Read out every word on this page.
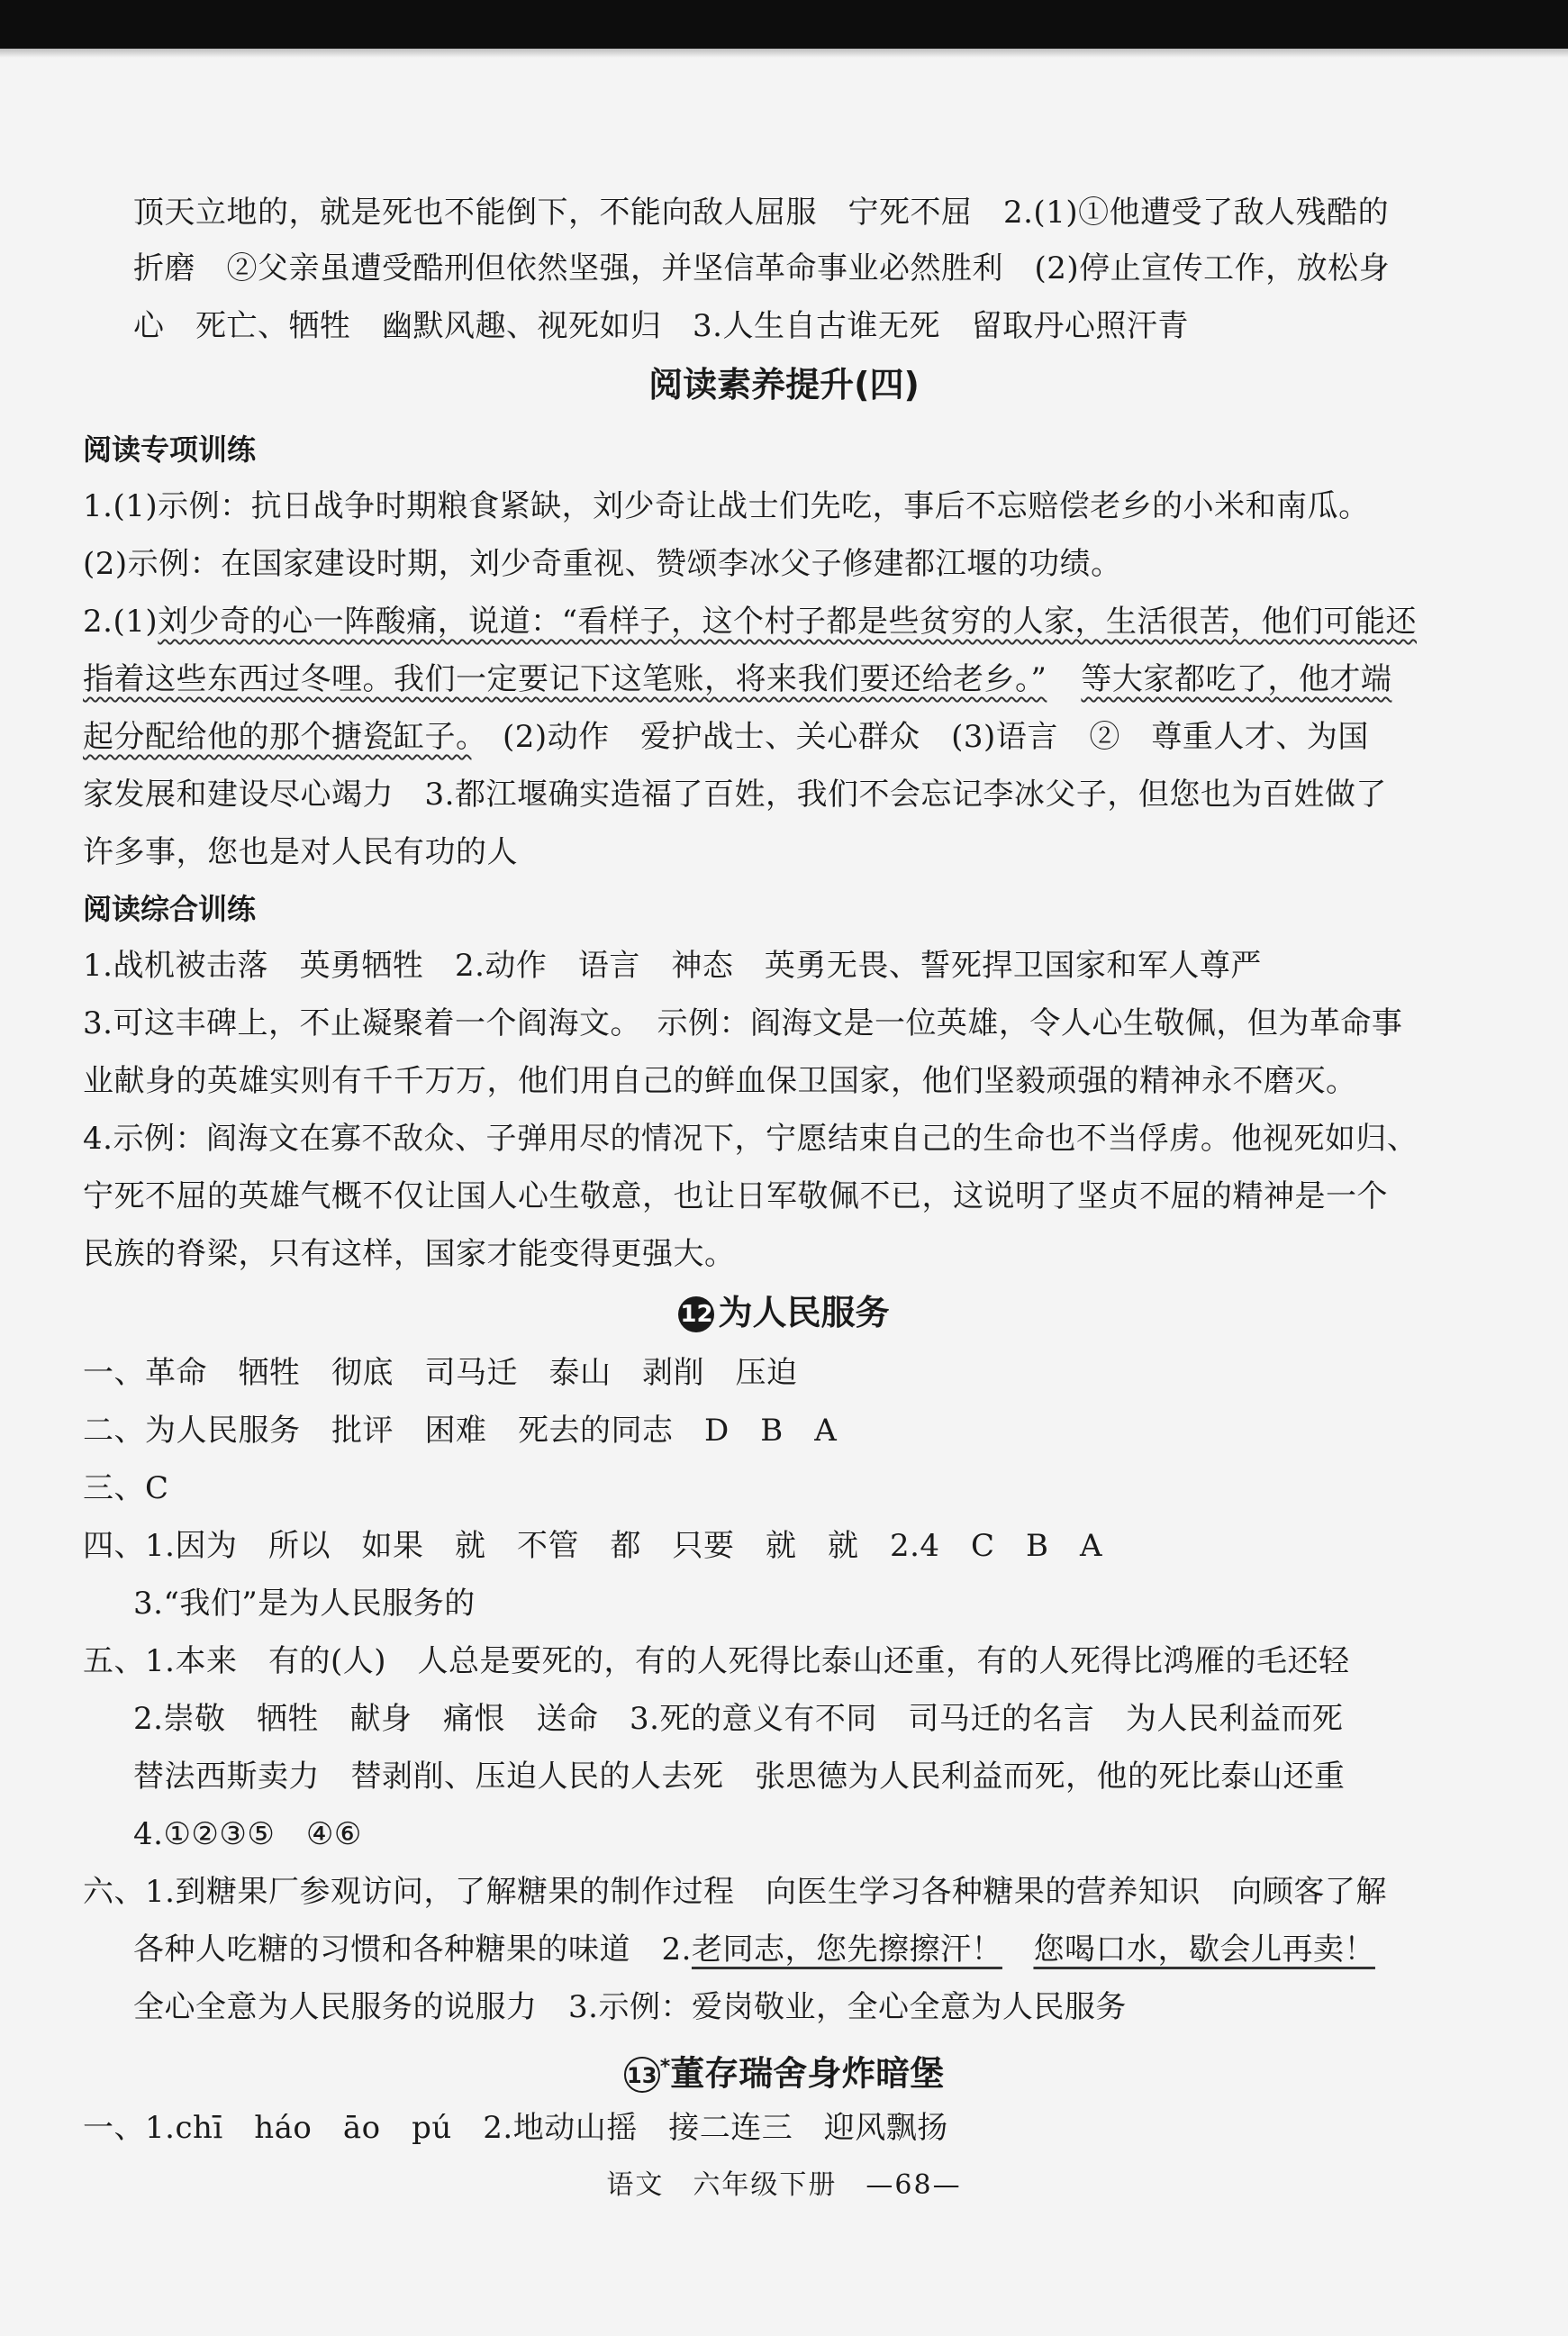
顶天立地的，就是死也不能倒下，不能向敌人屈服　宁死不屈　2.(1)①他遭受了敌人残酷的
折磨　②父亲虽遭受酷刑但依然坚强，并坚信革命事业必然胜利　(2)停止宣传工作，放松身
心　死亡、牺牲　幽默风趣、视死如归　3.人生自古谁无死　留取丹心照汗青
阅读素养提升(四)
阅读专项训练
1.(1)示例：抗日战争时期粮食紧缺，刘少奇让战士们先吃，事后不忘赔偿老乡的小米和南瓜。
(2)示例：在国家建设时期，刘少奇重视、赞颂李冰父子修建都江堰的功绩。
2.(1)刘少奇的心一阵酸痛，说道：“看样子，这个村子都是些贫穷的人家，生活很苦，他们可能还
指着这些东西过冬哩。我们一定要记下这笔账，将来我们要还给老乡。” 等大家都吃了，他才端
起分配给他的那个搪瓷缸子。　(2)动作　爱护战士、关心群众　(3)语言　②　尊重人才、为国
家发展和建设尽心竭力　3.都江堰确实造福了百姓，我们不会忘记李冰父子，但您也为百姓做了
许多事，您也是对人民有功的人
阅读综合训练
1.战机被击落　英勇牺牲　2.动作　语言　神态　英勇无畏、誓死捍卫国家和军人尊严
3.可这丰碑上，不止凝聚着一个阎海文。　示例：阎海文是一位英雄，令人心生敬佩，但为革命事
业献身的英雄实则有千千万万，他们用自己的鲜血保卫国家，他们坚毅顽强的精神永不磨灭。
4.示例：阎海文在寡不敌众、子弹用尽的情况下，宁愿结束自己的生命也不当俘虏。他视死如归、
宁死不屈的英雄气概不仅让国人心生敬意，也让日军敬佩不已，这说明了坚贞不屈的精神是一个
民族的脊梁，只有这样，国家才能变得更强大。
12 为人民服务
一、革命　牺牲　彻底　司马迁　泰山　剥削　压迫
二、为人民服务　批评　困难　死去的同志　D　B　A
三、C
四、1.因为　所以　如果　就　不管　都　只要　就　就　2.4　C　B　A
3.“我们”是为人民服务的
五、1.本来　有的(人)　人总是要死的，有的人死得比泰山还重，有的人死得比鸿雁的毛还轻
2.崇敬　牺牲　献身　痛恨　送命　3.死的意义有不同　司马迁的名言　为人民利益而死
替法西斯卖力　替剥削、压迫人民的人去死　张思德为人民利益而死，他的死比泰山还重
4.①②③⑤　④⑥
六、1.到糖果厂参观访问，了解糖果的制作过程　向医生学习各种糖果的营养知识　向顾客了解
各种人吃糖的习惯和各种糖果的味道　2.老同志，您先擦擦汗！　 您喝口水，歇会儿再卖！
全心全意为人民服务的说服力　3.示例：爱岗敬业，全心全意为人民服务
13 *董存瑞舍身炸暗堡
一、1.chī　háo　āo　pú　2.地动山摇　接二连三　迎风飘扬
语文　六年级下册　—68—
